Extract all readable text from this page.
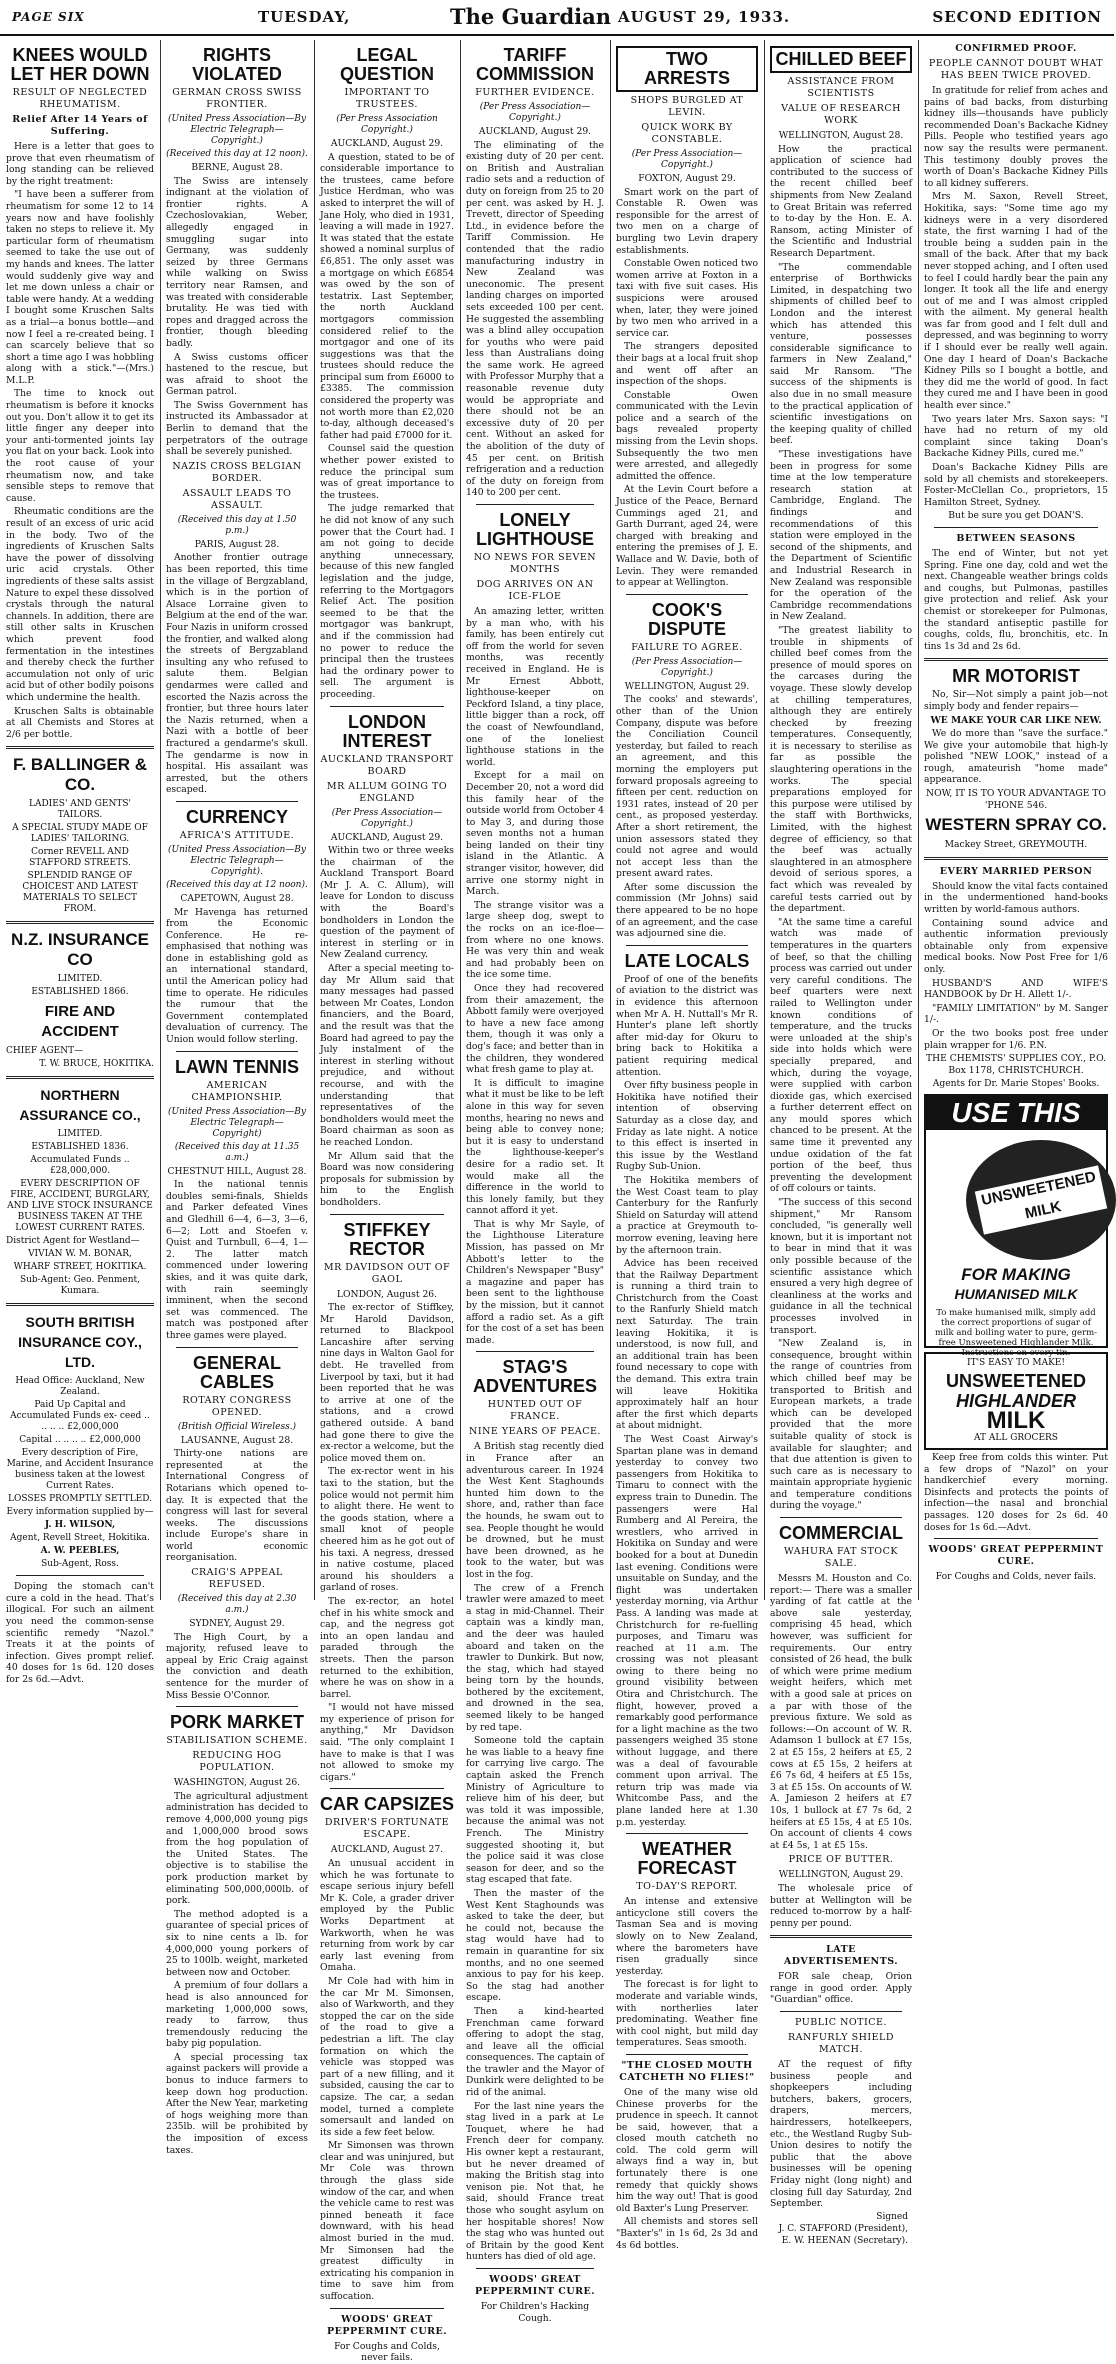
PAGE SIX	TUESDAY,	The Guardian AUGUST 29, 1933.	SECOND EDITION
KNEES WOULD LET HER DOWN
RESULT OF NEGLECTED RHEUMATISM.
Relief After 14 Years of Suffering.

Here is a letter that goes to prove that even rheumatism of long standing can be relieved by the right treatment:

"I have been a sufferer from rheumatism for some 12 to 14 years now and have foolishly taken no steps to relieve it. My particular form of rheumatism seemed to take the use out of my hands and knees. The latter would suddenly give way and let me down unless a chair or table were handy. At a wedding I bought some Kruschen Salts as a trial—a bonus bottle—and now I feel a re-created being. I can scarcely believe that so short a time ago I was hobbling along with a stick."—(Mrs.) M.L.P.

The time to knock out rheumatism is before it knocks out you. Don't allow it to get its little finger any deeper into your anti-tormented joints lay you flat on your back. Look into the root cause of your rheumatism now, and take sensible steps to remove that cause.

Rheumatic conditions are the result of an excess of uric acid in the body. Two of the ingredients of Kruschen Salts have the power of dissolving uric acid crystals. Other ingredients of these salts assist Nature to expel these dissolved crystals through the natural channels. In addition, there are still other salts in Kruschen which prevent food fermentation in the intestines and thereby check the further accumulation not only of uric acid but of other bodily poisons which undermine the health.

Kruschen Salts is obtainable at all Chemists and Stores at 2/6 per bottle.

F. BALLINGER & CO.
LADIES' AND GENTS' TAILORS.
A SPECIAL STUDY MADE OF LADIES' TAILORING.
Corner REVELL AND STAFFORD STREETS.
SPLENDID RANGE OF CHOICEST AND LATEST MATERIALS TO SELECT FROM.
N.Z. INSURANCE CO
LIMITED.
ESTABLISHED 1866.
FIRE AND ACCIDENT
CHIEF AGENT—
T. W. BRUCE, HOKITIKA.
NORTHERN ASSURANCE CO.,
LIMITED.
ESTABLISHED 1836.
Accumulated Funds .. £28,000,000.
EVERY DESCRIPTION OF FIRE, ACCIDENT, BURGLARY, AND LIVE STOCK INSURANCE BUSINESS TAKEN AT THE LOWEST CURRENT RATES.
District Agent for Westland—
VIVIAN W. M. BONAR,
WHARF STREET, HOKITIKA.
Sub-Agent: Geo. Penment, Kumara.
SOUTH BRITISH INSURANCE COY., LTD.
Head Office: Auckland, New Zealand.
Paid Up Capital and Accumulated Funds ex- ceed .. .. .. .. £2,000,000
Capital .. .. .. .. £2,000,000
Every description of Fire, Marine, and Accident Insurance business taken at the lowest Current Rates.
LOSSES PROMPTLY SETTLED.
Every information supplied by—
J. H. WILSON,
Agent, Revell Street, Hokitika.
A. W. PEEBLES,
Sub-Agent, Ross.

Doping the stomach can't cure a cold in the head. That's illogical. For such an ailment you need the common-sense scientific remedy "Nazol." Treats it at the points of infection. Gives prompt relief. 40 doses for 1s 6d. 120 doses for 2s 6d.—Advt.

RIGHTS VIOLATED
GERMAN CROSS SWISS FRONTIER.
(United Press Association—By Electric Telegraph—Copyright.)
(Received this day at 12 noon).

BERNE, August 28.

The Swiss are intensely indignant at the violation of frontier rights. A Czechoslovakian, Weber, allegedly engaged in smuggling sugar into Germany, was suddenly seized by three Germans while walking on Swiss territory near Ramsen, and was treated with considerable brutality. He was tied with ropes and dragged across the frontier, though bleeding badly.

A Swiss customs officer hastened to the rescue, but was afraid to shoot the German patrol.

The Swiss Government has instructed its Ambassador at Berlin to demand that the perpetrators of the outrage shall be severely punished.

NAZIS CROSS BELGIAN BORDER.
ASSAULT LEADS TO ASSAULT.
(Received this day at 1.50 p.m.)

PARIS, August 28.

Another frontier outrage has been reported, this time in the village of Bergzabland, which is in the portion of Alsace Lorraine given to Belgium at the end of the war. Four Nazis in uniform crossed the frontier, and walked along the streets of Bergzabland insulting any who refused to salute them. Belgian gendarmes were called and escorted the Nazis across the frontier, but three hours later the Nazis returned, when a Nazi with a bottle of beer fractured a gendarme's skull. The gendarme is now in hospital. His assailant was arrested, but the others escaped.

CURRENCY
AFRICA'S ATTITUDE.
(United Press Association—By Electric Telegraph—Copyright).
(Received this day at 12 noon).

CAPETOWN, August 28.

Mr Havenga has returned from the Economic Conference. He re-emphasised that nothing was done in establishing gold as an international standard, until the American policy had time to operate. He ridicules the rumour that the Government contemplated devaluation of currency. The Union would follow sterling.

LAWN TENNIS
AMERICAN CHAMPIONSHIP.
(United Press Association—By Electric Telegraph—Copyright)
(Received this day at 11.35 a.m.)

CHESTNUT HILL, August 28.

In the national tennis doubles semi-finals, Shields and Parker defeated Vines and Gledhill 6—4, 6—3, 3—6, 6—2; Lott and Stoefen v. Quist and Turnbull, 6—4, 1—2. The latter match commenced under lowering skies, and it was quite dark, with rain seemingly imminent, when the second set was commenced. The match was postponed after three games were played.

GENERAL CABLES
ROTARY CONGRESS OPENED.
(British Official Wireless.)

LAUSANNE, August 28.

Thirty-one nations are represented at the International Congress of Rotarians which opened to-day. It is expected that the congress will last for several weeks. The discussions include Europe's share in world economic reorganisation.

CRAIG'S APPEAL REFUSED.
(Received this day at 2.30 a.m.)

SYDNEY, August 29.

The High Court, by a majority, refused leave to appeal by Eric Craig against the conviction and death sentence for the murder of Miss Bessie O'Connor.

PORK MARKET
STABILISATION SCHEME.
REDUCING HOG POPULATION.

WASHINGTON, August 26.

The agricultural adjustment administration has decided to remove 4,000,000 young pigs and 1,000,000 brood sows from the hog population of the United States. The objective is to stabilise the pork production market by eliminating 500,000,000lb. of pork.

The method adopted is a guarantee of special prices of six to nine cents a lb. for 4,000,000 young porkers of 25 to 100lb. weight, marketed between now and October.

A premium of four dollars a head is also announced for marketing 1,000,000 sows, ready to farrow, thus tremendously reducing the baby pig population.

A special processing tax against packers will provide a bonus to induce farmers to keep down hog production. After the New Year, marketing of hogs weighing more than 235lb. will be prohibited by the imposition of excess taxes.

LEGAL QUESTION
IMPORTANT TO TRUSTEES.
(Per Press Association Copyright.)

AUCKLAND, August 29.

A question, stated to be of considerable importance to the trustees, came before Justice Herdman, who was asked to interpret the will of Jane Holy, who died in 1931, leaving a will made in 1927. It was stated that the estate showed a nominal surplus of £6,851. The only asset was a mortgage on which £6854 was owed by the son of testatrix. Last September, the north Auckland mortgagors commission considered relief to the mortgagor and one of its suggestions was that the trustees should reduce the principal sum from £6000 to £3385. The commission considered the property was not worth more than £2,020 to-day, although deceased's father had paid £7000 for it.

Counsel said the question whether power existed to reduce the principal sum was of great importance to the trustees.

The judge remarked that he did not know of any such power that the Court had. I am not going to decide anything unnecessary, because of this new fangled legislation and the judge, referring to the Mortgagors Relief Act. The position seemed to be that the mortgagor was bankrupt, and if the commission had no power to reduce the principal then the trustees had the ordinary power to sell. The argument is proceeding.

LONDON INTEREST
AUCKLAND TRANSPORT BOARD
MR ALLUM GOING TO ENGLAND
(Per Press Association—Copyright.)

AUCKLAND, August 29.

Within two or three weeks the chairman of the Auckland Transport Board (Mr J. A. C. Allum), will leave for London to discuss with the Board's bondholders in London the question of the payment of interest in sterling or in New Zealand currency.

After a special meeting to-day Mr Allum said that many messages had passed between Mr Coates, London financiers, and the Board, and the result was that the Board had agreed to pay the July instalment of the interest in sterling without prejudice, and without recourse, and with the understanding that representatives of the bondholders would meet the Board chairman as soon as he reached London.

Mr Allum said that the Board was now considering proposals for submission by him to the English bondholders.

STIFFKEY RECTOR
MR DAVIDSON OUT OF GAOL

LONDON, August 26.

The ex-rector of Stiffkey, Mr Harold Davidson, returned to Blackpool Lancashire after serving nine days in Walton Gaol for debt. He travelled from Liverpool by taxi, but it had been reported that he was to arrive at one of the stations, and a crowd gathered outside. A band had gone there to give the ex-rector a welcome, but the police moved them on.

The ex-rector went in his taxi to the station, but the police would not permit him to alight there. He went to the goods station, where a small knot of people cheered him as he got out of his taxi. A negress, dressed in native costume, placed around his shoulders a garland of roses.

The ex-rector, an hotel chef in his white smock and cap, and the negress got into an open landau and paraded through the streets. Then the parson returned to the exhibition, where he was on show in a barrel.

"I would not have missed my experience of prison for anything," Mr Davidson said. "The only complaint I have to make is that I was not allowed to smoke my cigars."

CAR CAPSIZES
DRIVER'S FORTUNATE ESCAPE.

AUCKLAND, August 27.

An unusual accident in which he was fortunate to escape serious injury befell Mr K. Cole, a grader driver employed by the Public Works Department at Warkworth, when he was returning from work by car early last evening from Omaha.

Mr Cole had with him in the car Mr M. Simonsen, also of Warkworth, and they stopped the car on the side of the road to give a pedestrian a lift. The clay formation on which the vehicle was stopped was part of a new filling, and it subsided, causing the car to capsize. The car, a sedan model, turned a complete somersault and landed on its side a few feet below.

Mr Simonsen was thrown clear and was uninjured, but Mr Cole was thrown through the glass side window of the car, and when the vehicle came to rest was pinned beneath it face downward, with his head almost buried in the mud. Mr Simonsen had the greatest difficulty in extricating his companion in time to save him from suffocation.

WOODS' GREAT PEPPERMINT CURE.

For Coughs and Colds, never fails.

TARIFF COMMISSION
FURTHER EVIDENCE.
(Per Press Association—Copyright.)

AUCKLAND, August 29.

The eliminating of the existing duty of 20 per cent. on British and Australian radio sets and a reduction of duty on foreign from 25 to 20 per cent. was asked by H. J. Trevett, director of Speeding Ltd., in evidence before the Tariff Commission. He contended that the radio manufacturing industry in New Zealand was uneconomic. The present landing charges on imported sets exceeded 100 per cent. He suggested the assembling was a blind alley occupation for youths who were paid less than Australians doing the same work. He agreed with Professor Murphy that a reasonable revenue duty would be appropriate and there should not be an excessive duty of 20 per cent. Without an asked for the abolition of the duty of 45 per cent. on British refrigeration and a reduction of the duty on foreign from 140 to 200 per cent.

LONELY LIGHTHOUSE
NO NEWS FOR SEVEN MONTHS
DOG ARRIVES ON AN ICE-FLOE

An amazing letter, written by a man who, with his family, has been entirely cut off from the world for seven months, was recently received in England. He is Mr Ernest Abbott, lighthouse-keeper on Peckford Island, a tiny place, little bigger than a rock, off the coast of Newfoundland, one of the loneliest lighthouse stations in the world.

Except for a mail on December 20, not a word did this family hear of the outside world from October 4 to May 3, and during those seven months not a human being landed on their tiny island in the Atlantic. A stranger visitor, however, did arrive one stormy night in March.

The strange visitor was a large sheep dog, swept to the rocks on an ice-floe—from where no one knows. He was very thin and weak and had probably been on the ice some time.

Once they had recovered from their amazement, the Abbott family were overjoyed to have a new face among them, though it was only a dog's face; and better than in the children, they wondered what fresh game to play at.

It is difficult to imagine what it must be like to be left alone in this way for seven months, hearing no news and being able to convey none; but it is easy to understand the lighthouse-keeper's desire for a radio set. It would make all the difference in the world to this lonely family, but they cannot afford it yet.

That is why Mr Sayle, of the Lighthouse Literature Mission, has passed on Mr Abbott's letter to the Children's Newspaper "Busy" a magazine and paper has been sent to the lighthouse by the mission, but it cannot afford a radio set. As a gift for the cost of a set has been made.

STAG'S ADVENTURES
HUNTED OUT OF FRANCE.
NINE YEARS OF PEACE.

A British stag recently died in France after an adventurous career. In 1924 the West Kent Staghounds hunted him down to the shore, and, rather than face the hounds, he swam out to sea. People thought he would be drowned, but he must have been drowned, as he took to the water, but was lost in the fog.

The crew of a French trawler were amazed to meet a stag in mid-Channel. Their captain was a kindly man, and the deer was hauled aboard and taken on the trawler to Dunkirk. But now, the stag, which had stayed being torn by the hounds, bothered by the excitement, and drowned in the sea, seemed likely to be hanged by red tape.

Someone told the captain he was liable to a heavy fine for carrying live cargo. The captain asked the French Ministry of Agriculture to relieve him of his deer, but was told it was impossible, because the animal was not French. The Ministry suggested shooting it, but the police said it was close season for deer, and so the stag escaped that fate.

Then the master of the West Kent Staghounds was asked to take the deer, but he could not, because the stag would have had to remain in quarantine for six months, and no one seemed anxious to pay for his keep. So the stag had another escape.

Then a kind-hearted Frenchman came forward offering to adopt the stag, and leave all the official consequences. The captain of the trawler and the Mayor of Dunkirk were delighted to be rid of the animal.

For the last nine years the stag lived in a park at Le Touquet, where he had French deer for company. His owner kept a restaurant, but he never dreamed of making the British stag into venison pie. Not that, he said, should France treat those who sought asylum on her hospitable shores! Now the stag who was hunted out of Britain by the good Kent hunters has died of old age.

WOODS' GREAT PEPPERMINT CURE.

For Children's Hacking Cough.

TWO ARRESTS
SHOPS BURGLED AT LEVIN.
QUICK WORK BY CONSTABLE.
(Per Press Association—Copyright.)

FOXTON, August 29.

Smart work on the part of Constable R. Owen was responsible for the arrest of two men on a charge of burgling two Levin drapery establishments.

Constable Owen noticed two women arrive at Foxton in a taxi with five suit cases. His suspicions were aroused when, later, they were joined by two men who arrived in a service car.

The strangers deposited their bags at a local fruit shop and went off after an inspection of the shops.

Constable Owen communicated with the Levin police and a search of the bags revealed property missing from the Levin shops. Subsequently the two men were arrested, and allegedly admitted the offence.

At the Levin Court before a Justice of the Peace, Bernard Cummings aged 21, and Garth Durrant, aged 24, were charged with breaking and entering the premises of J. E. Wallace and W. Davie, both of Levin. They were remanded to appear at Wellington.

COOK'S DISPUTE
FAILURE TO AGREE.
(Per Press Association—Copyright.)

WELLINGTON, August 29.

The cooks' and stewards', other than of the Union Company, dispute was before the Conciliation Council yesterday, but failed to reach an agreement, and this morning the employers put forward proposals agreeing to fifteen per cent. reduction on 1931 rates, instead of 20 per cent., as proposed yesterday. After a short retirement, the union assessors stated they could not agree and would not accept less than the present award rates.

After some discussion the commission (Mr Johns) said there appeared to be no hope of an agreement, and the case was adjourned sine die.

LATE LOCALS

Proof of one of the benefits of aviation to the district was in evidence this afternoon when Mr A. H. Nuttall's Mr R. Hunter's plane left shortly after mid-day for Okuru to bring back to Hokitika a patient requiring medical attention.

Over fifty business people in Hokitika have notified their intention of observing Saturday as a close day, and Friday as late night. A notice to this effect is inserted in this issue by the Westland Rugby Sub-Union.

The Hokitika members of the West Coast team to play Canterbury for the Ranfurly Shield on Saturday will attend a practice at Greymouth to-morrow evening, leaving here by the afternoon train.

Advice has been received that the Railway Department is running a third train to Christchurch from the Coast to the Ranfurly Shield match next Saturday. The train leaving Hokitika, it is understood, is now full, and an additional train has been found necessary to cope with the demand. This extra train will leave Hokitika approximately half an hour after the first which departs at about midnight.

The West Coast Airway's Spartan plane was in demand yesterday to convey two passengers from Hokitika to Timaru to connect with the express train to Dunedin. The passengers were Hal Rumberg and Al Pereira, the wrestlers, who arrived in Hokitika on Sunday and were booked for a bout at Dunedin last evening. Conditions were unsuitable on Sunday, and the flight was undertaken yesterday morning, via Arthur Pass. A landing was made at Christchurch for re-fuelling purposes, and Timaru was reached at 11 a.m. The crossing was not pleasant owing to there being no ground visibility between Otira and Christchurch. The flight, however, proved a remarkably good performance for a light machine as the two passengers weighed 35 stone without luggage, and there was a deal of favourable comment upon arrival. The return trip was made via Whitcombe Pass, and the plane landed here at 1.30 p.m. yesterday.

WEATHER FORECAST
TO-DAY'S REPORT.

An intense and extensive anticyclone still covers the Tasman Sea and is moving slowly on to New Zealand, where the barometers have risen gradually since yesterday.

The forecast is for light to moderate and variable winds, with northerlies later predominating. Weather fine with cool night, but mild day temperatures. Seas smooth.

"THE CLOSED MOUTH CATCHETH NO FLIES!"

One of the many wise old Chinese proverbs for the prudence in speech. It cannot be said, however, that a closed mouth catcheth no cold. The cold germ will always find a way in, but fortunately there is one remedy that quickly shows him the way out! That is good old Baxter's Lung Preserver.

All chemists and stores sell "Baxter's" in 1s 6d, 2s 3d and 4s 6d bottles.

CHILLED BEEF
ASSISTANCE FROM SCIENTISTS
VALUE OF RESEARCH WORK

WELLINGTON, August 28.

How the practical application of science had contributed to the success of the recent chilled beef shipments from New Zealand to Great Britain was referred to to-day by the Hon. E. A. Ransom, acting Minister of the Scientific and Industrial Research Department.

"The commendable enterprise of Borthwicks Limited, in despatching two shipments of chilled beef to London and the interest which has attended this venture, possesses considerable significance to farmers in New Zealand," said Mr Ransom. "The success of the shipments is also due in no small measure to the practical application of scientific investigations on the keeping quality of chilled beef.

"These investigations have been in progress for some time at the low temperature research station at Cambridge, England. The findings and recommendations of this station were employed in the second of the shipments, and the Department of Scientific and Industrial Research in New Zealand was responsible for the operation of the Cambridge recommendations in New Zealand.

"The greatest liability to trouble in shipments of chilled beef comes from the presence of mould spores on the carcases during the voyage. These slowly develop at chilling temperatures, although they are entirely checked by freezing temperatures. Consequently, it is necessary to sterilise as far as possible the slaughtering operations in the works. The special preparations employed for this purpose were utilised by the staff with Borthwicks, Limited, with the highest degree of efficiency, so that the beef was actually slaughtered in an atmosphere devoid of serious spores, a fact which was revealed by careful tests carried out by the department.

"At the same time a careful watch was made of temperatures in the quarters of beef, so that the chilling process was carried out under very careful conditions. The beef quarters were next railed to Wellington under known conditions of temperature, and the trucks were unloaded at the ship's side into holds which were specially prepared, and which, during the voyage, were supplied with carbon dioxide gas, which exercised a further deterrent effect on any mould spores which chanced to be present. At the same time it prevented any undue oxidation of the fat portion of the beef, thus preventing the development of off colours or taints.

"The success of this second shipment," Mr Ransom concluded, "is generally well known, but it is important not to bear in mind that it was only possible because of the scientific assistance which ensured a very high degree of cleanliness at the works and guidance in all the technical processes involved in transport.

"New Zealand is, in consequence, brought within the range of countries from which chilled beef may be transported to British and European markets, a trade which can be developed provided that the more suitable quality of stock is available for slaughter; and that due attention is given to such care as is necessary to maintain appropriate hygienic and temperature conditions during the voyage."

COMMERCIAL
WAHURA FAT STOCK SALE.

Messrs M. Houston and Co. report:— There was a smaller yarding of fat cattle at the above sale yesterday, comprising 45 head, which however, was sufficient for requirements. Our entry consisted of 26 head, the bulk of which were prime medium weight heifers, which met with a good sale at prices on a par with those of the previous fixture. We sold as follows:—On account of W. R. Adamson 1 bullock at £7 15s, 2 at £5 15s, 2 heifers at £5, 2 cows at £5 15s, 2 heifers at £6 7s 6d, 4 heifers at £5 15s, 3 at £5 15s. On accounts of W. A. Jamieson 2 heifers at £7 10s, 1 bullock at £7 7s 6d, 2 heifers at £5 15s, 4 at £5 10s. On account of clients 4 cows at £4 5s, 1 at £5 15s.

PRICE OF BUTTER.

WELLINGTON, August 29.

The wholesale price of butter at Wellington will be reduced to-morrow by a half-penny per pound.

LATE ADVERTISEMENTS.

FOR sale cheap, Orion range in good order. Apply "Guardian" office.

PUBLIC NOTICE.
RANFURLY SHIELD MATCH.

AT the request of fifty business people and shopkeepers including butchers, bakers, grocers, drapers, mercers, hairdressers, hotelkeepers, etc., the Westland Rugby Sub-Union desires to notify the public that the above businesses will be opening Friday night (long night) and closing full day Saturday, 2nd September.

Signed
J. C. STAFFORD (President),
E. W. HEENAN (Secretary).
CONFIRMED PROOF.
PEOPLE CANNOT DOUBT WHAT HAS BEEN TWICE PROVED.

In gratitude for relief from aches and pains of bad backs, from disturbing kidney ills—thousands have publicly recommended Doan's Backache Kidney Pills. People who testified years ago now say the results were permanent. This testimony doubly proves the worth of Doan's Backache Kidney Pills to all kidney sufferers.

Mrs M. Saxon, Revell Street, Hokitika, says: "Some time ago my kidneys were in a very disordered state, the first warning I had of the trouble being a sudden pain in the small of the back. After that my back never stopped aching, and I often used to feel I could hardly bear the pain any longer. It took all the life and energy out of me and I was almost crippled with the ailment. My general health was far from good and I felt dull and depressed, and was beginning to worry if I should ever be really well again. One day I heard of Doan's Backache Kidney Pills so I bought a bottle, and they did me the world of good. In fact they cured me and I have been in good health ever since."

Two years later Mrs. Saxon says: "I have had no return of my old complaint since taking Doan's Backache Kidney Pills, cured me."

Doan's Backache Kidney Pills are sold by all chemists and storekeepers. Foster-McClellan Co., proprietors, 15 Hamilton Street, Sydney.

But be sure you get DOAN'S.

BETWEEN SEASONS

The end of Winter, but not yet Spring. Fine one day, cold and wet the next. Changeable weather brings colds and coughs, but Pulmonas, pastilles give protection and relief. Ask your chemist or storekeeper for Pulmonas, the standard antiseptic pastille for coughs, colds, flu, bronchitis, etc. In tins 1s 3d and 2s 6d.

MR MOTORIST

No, Sir—Not simply a paint job—not simply body and fender repairs—

WE MAKE YOUR CAR LIKE NEW.

We do more than "save the surface." We give your automobile that high-ly polished "NEW LOOK," instead of a rough, amateurish "home made" appearance.

NOW, IT IS TO YOUR ADVANTAGE TO 'PHONE 546.

WESTERN SPRAY CO.

Mackey Street, GREYMOUTH.

EVERY MARRIED PERSON

Should know the vital facts contained in the undermentioned hand-books written by world-famous authors.

Containing sound advice and authentic information previously obtainable only from expensive medical books. Now Post Free for 1/6 only.

HUSBAND'S AND WIFE'S HANDBOOK by Dr H. Allett 1/-.

"FAMILY LIMITATION" by M. Sanger 1/-.

Or the two books post free under plain wrapper for 1/6. P.N.

THE CHEMISTS' SUPPLIES COY., P.O. Box 1178, CHRISTCHURCH.

Agents for Dr. Marie Stopes' Books.

USE THIS
UNSWEETENED MILK
FOR MAKING
HUMANISED MILK
To make humanised milk, simply add the correct proportions of sugar of milk and boiling water to pure, germ-free Unsweetened Highlander Milk. Instructions on every tin.
IT'S EASY TO MAKE!
UNSWEETENED
HIGHLANDER
MILK
AT ALL GROCERS

Keep free from colds this winter. Put a few drops of "Nazol" on your handkerchief every morning. Disinfects and protects the points of infection—the nasal and bronchial passages. 120 doses for 2s 6d. 40 doses for 1s 6d.—Advt.

WOODS' GREAT PEPPERMINT CURE.

For Coughs and Colds, never fails.
